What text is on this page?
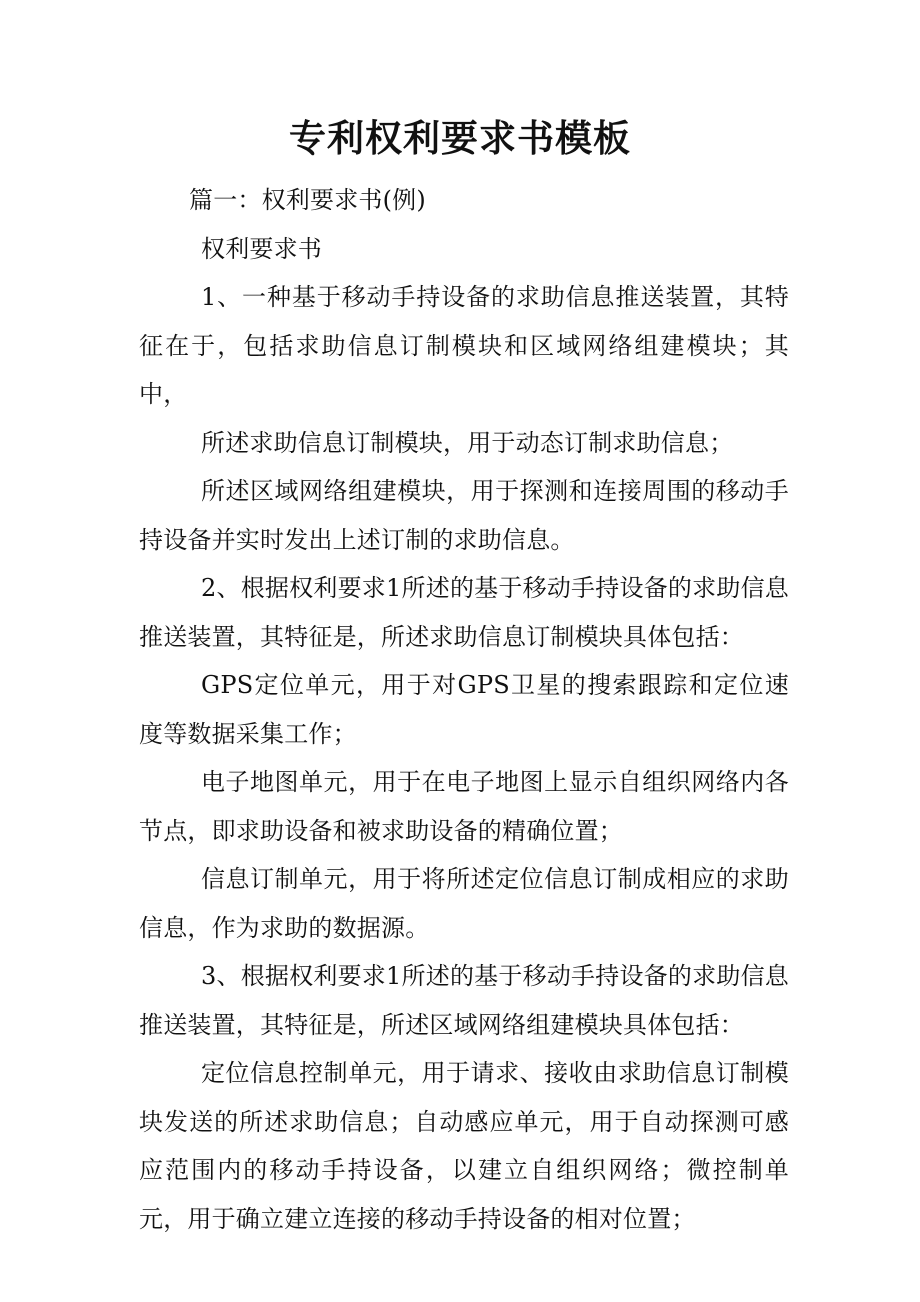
专利权利要求书模板

篇一：权利要求书(例)

权利要求书

1、一种基于移动手持设备的求助信息推送装置，其特征在于，包括求助信息订制模块和区域网络组建模块；其中，

所述求助信息订制模块，用于动态订制求助信息；

所述区域网络组建模块，用于探测和连接周围的移动手持设备并实时发出上述订制的求助信息。

2、根据权利要求1所述的基于移动手持设备的求助信息推送装置，其特征是，所述求助信息订制模块具体包括：

GPS定位单元，用于对GPS卫星的搜索跟踪和定位速度等数据采集工作；

电子地图单元，用于在电子地图上显示自组织网络内各节点，即求助设备和被求助设备的精确位置；

信息订制单元，用于将所述定位信息订制成相应的求助信息，作为求助的数据源。

3、根据权利要求1所述的基于移动手持设备的求助信息推送装置，其特征是，所述区域网络组建模块具体包括：

定位信息控制单元，用于请求、接收由求助信息订制模块发送的所述求助信息；自动感应单元，用于自动探测可感应范围内的移动手持设备，以建立自组织网络；微控制单元，用于确立建立连接的移动手持设备的相对位置；
